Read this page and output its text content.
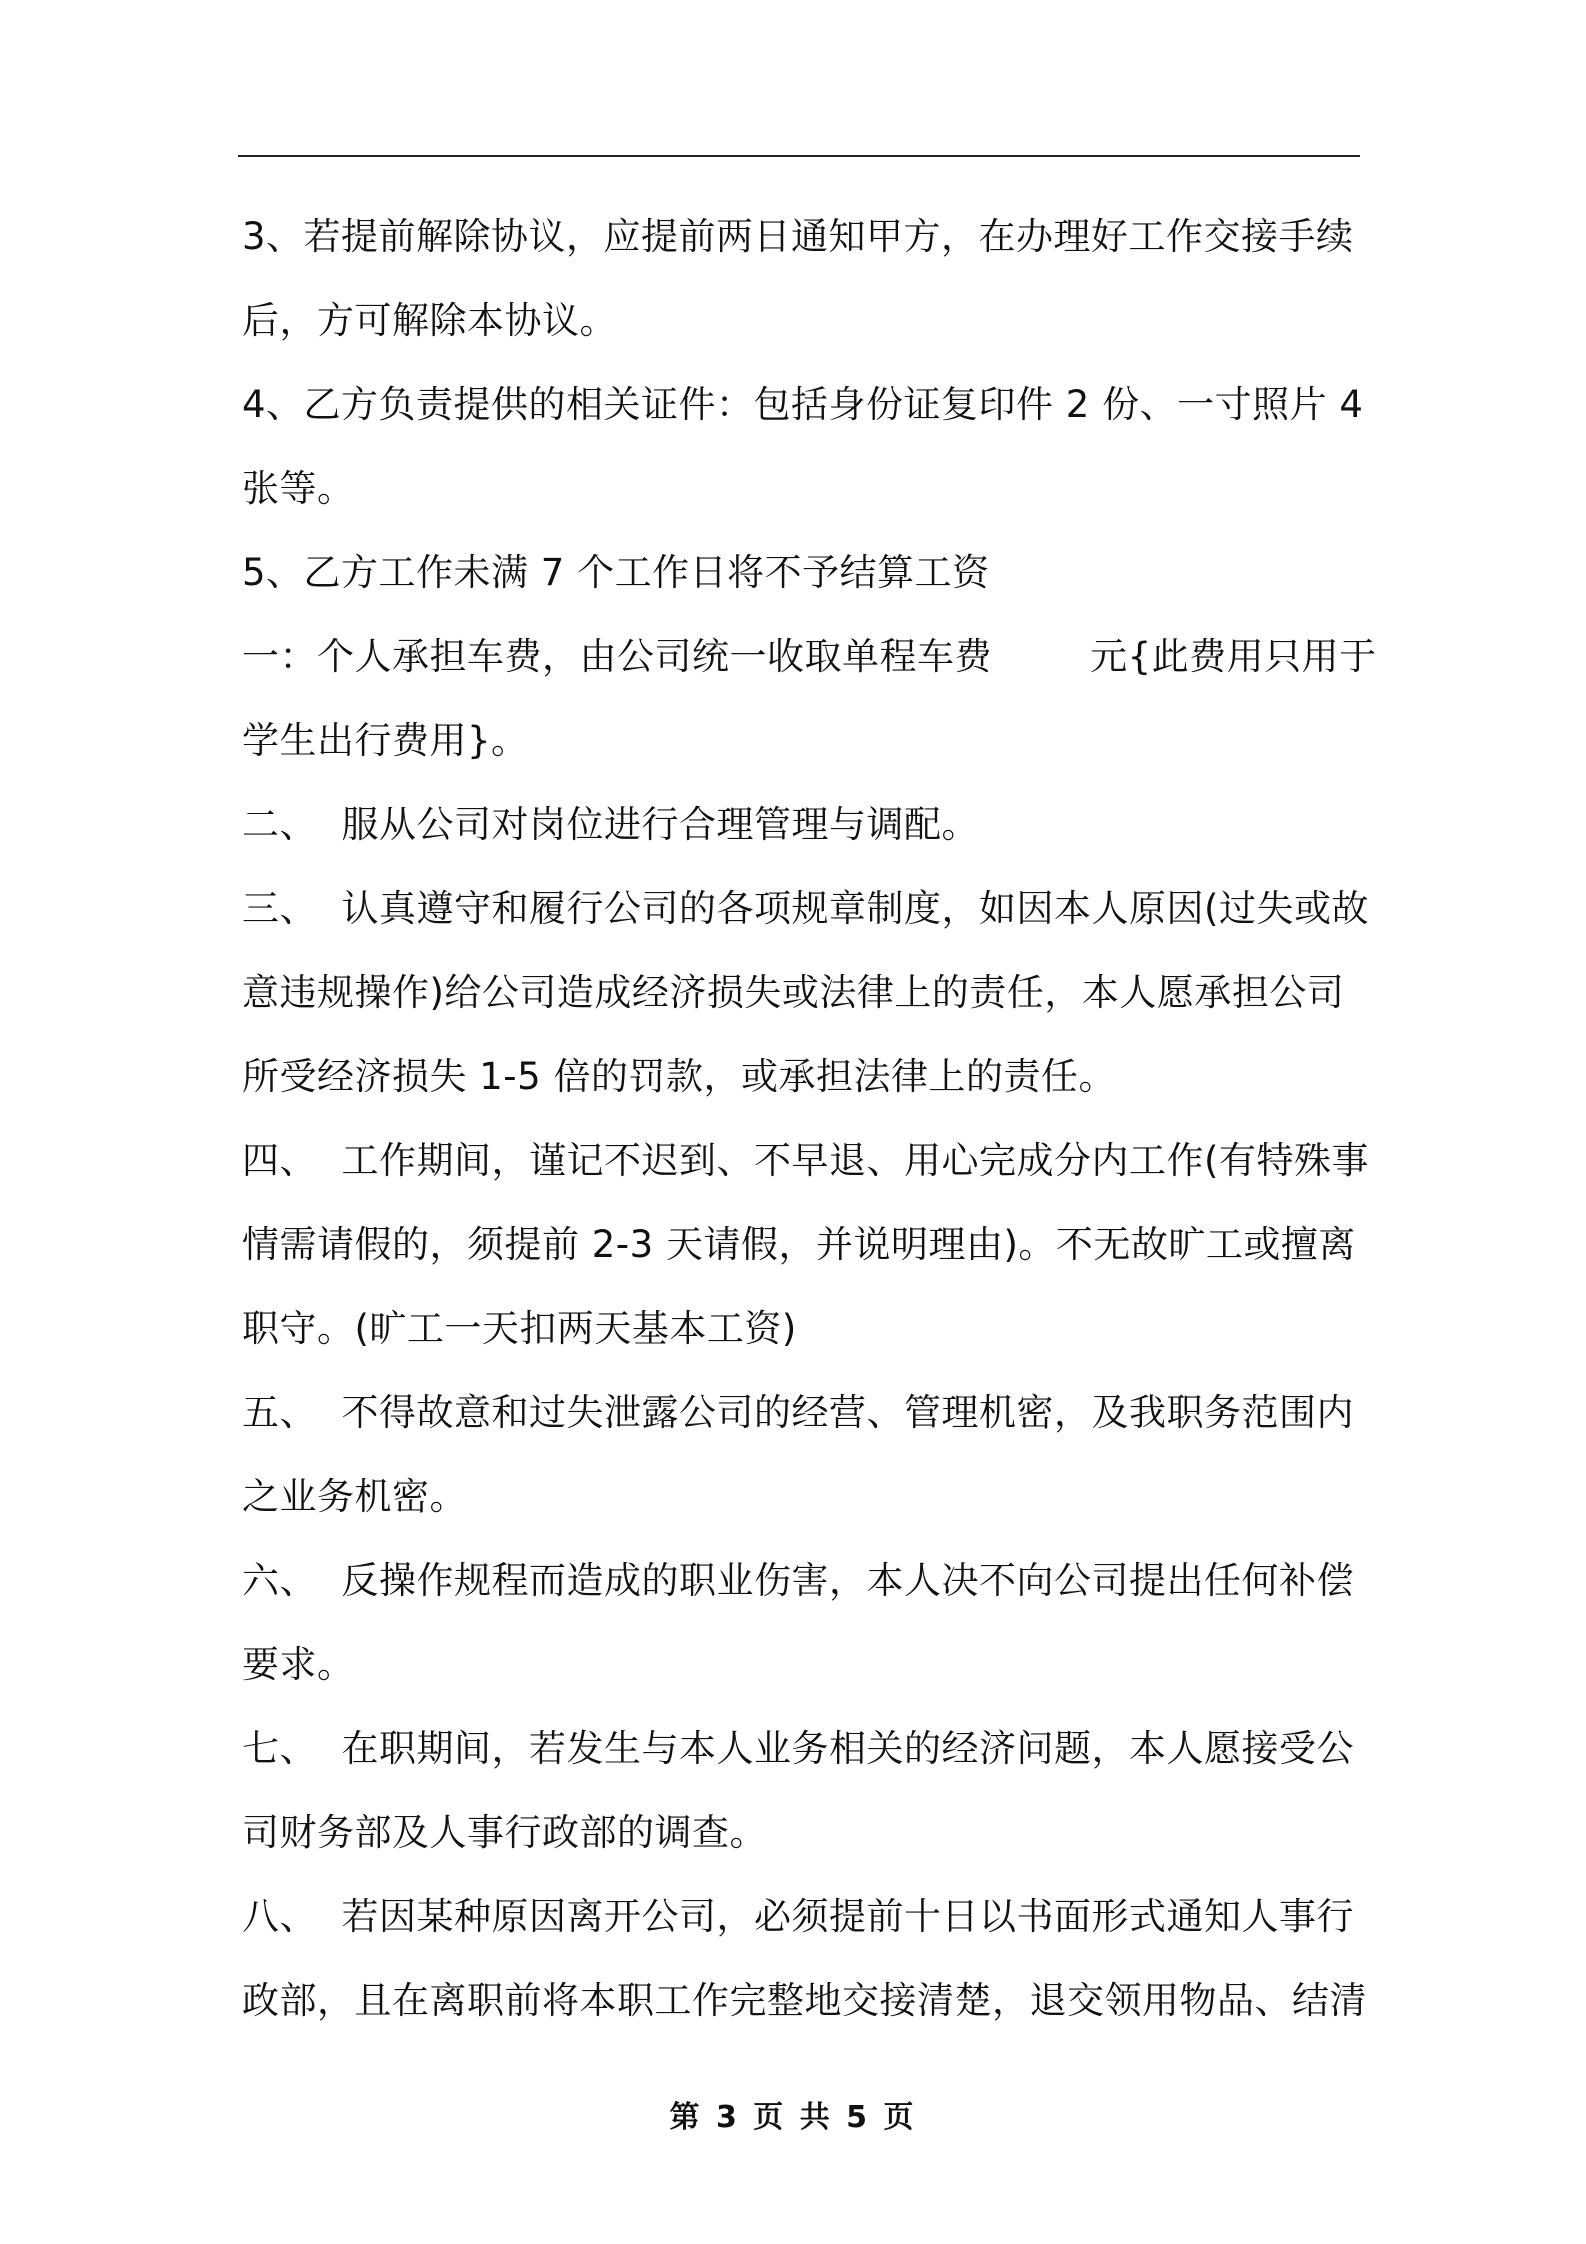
3、若提前解除协议，应提前两日通知甲方，在办理好工作交接手续
后，方可解除本协议。
4、乙方负责提供的相关证件：包括身份证复印件 2 份、一寸照片 4
张等。
5、乙方工作未满 7 个工作日将不予结算工资
一：个人承担车费，由公司统一收取单程车费        元{此费用只用于
学生出行费用}。
二、  服从公司对岗位进行合理管理与调配。
三、  认真遵守和履行公司的各项规章制度，如因本人原因(过失或故
意违规操作)给公司造成经济损失或法律上的责任，本人愿承担公司
所受经济损失 1-5 倍的罚款，或承担法律上的责任。
四、  工作期间，谨记不迟到、不早退、用心完成分内工作(有特殊事
情需请假的，须提前 2-3 天请假，并说明理由)。不无故旷工或擅离
职守。(旷工一天扣两天基本工资)
五、  不得故意和过失泄露公司的经营、管理机密，及我职务范围内
之业务机密。
六、  反操作规程而造成的职业伤害，本人决不向公司提出任何补偿
要求。
七、  在职期间，若发生与本人业务相关的经济问题，本人愿接受公
司财务部及人事行政部的调查。
八、  若因某种原因离开公司，必须提前十日以书面形式通知人事行
政部，且在离职前将本职工作完整地交接清楚，退交领用物品、结清
第 3 页 共 5 页
